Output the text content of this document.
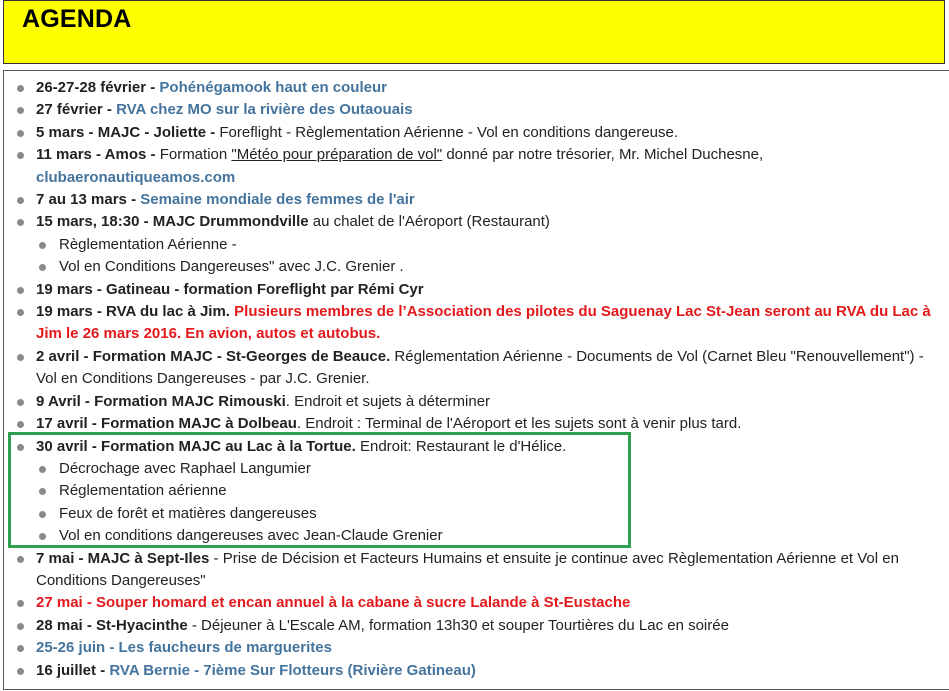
AGENDA
26-27-28 février - Pohénégamook haut en couleur
27 février - RVA chez MO sur la rivière des Outaouais
5 mars - MAJC - Joliette - Foreflight - Règlementation Aérienne - Vol en conditions dangereuse.
11 mars - Amos - Formation "Météo pour préparation de vol" donné par notre trésorier, Mr. Michel Duchesne,
clubaeronautiqueamos.com
7 au 13 mars - Semaine mondiale des femmes de l'air
15 mars, 18:30 - MAJC Drummondville au chalet de l'Aéroport (Restaurant)
Règlementation Aérienne -
Vol en Conditions Dangereuses" avec J.C. Grenier .
19 mars - Gatineau - formation Foreflight par Rémi Cyr
19 mars - RVA du lac à Jim. Plusieurs membres de l’Association des pilotes du Saguenay Lac St-Jean seront au RVA du Lac à
Jim le 26 mars 2016. En avion, autos et autobus.
2 avril - Formation MAJC - St-Georges de Beauce. Réglementation Aérienne - Documents de Vol (Carnet Bleu "Renouvellement") -
Vol en Conditions Dangereuses - par J.C. Grenier.
9 Avril - Formation MAJC Rimouski. Endroit et sujets à déterminer
17 avril - Formation MAJC à Dolbeau. Endroit : Terminal de l'Aéroport et les sujets sont à venir plus tard.
30 avril - Formation MAJC au Lac à la Tortue. Endroit: Restaurant le d'Hélice.
Décrochage avec Raphael Langumier
Réglementation aérienne
Feux de forêt et matières dangereuses
Vol en conditions dangereuses avec Jean-Claude Grenier
7 mai - MAJC à Sept-Iles - Prise de Décision et Facteurs Humains et ensuite je continue avec Règlementation Aérienne et Vol en
Conditions Dangereuses"
27 mai - Souper homard et encan annuel à la cabane à sucre Lalande à St-Eustache
28 mai - St-Hyacinthe - Déjeuner à L'Escale AM, formation 13h30 et souper Tourtières du Lac en soirée
25-26 juin - Les faucheurs de marguerites
16 juillet - RVA Bernie - 7ième Sur Flotteurs (Rivière Gatineau)
